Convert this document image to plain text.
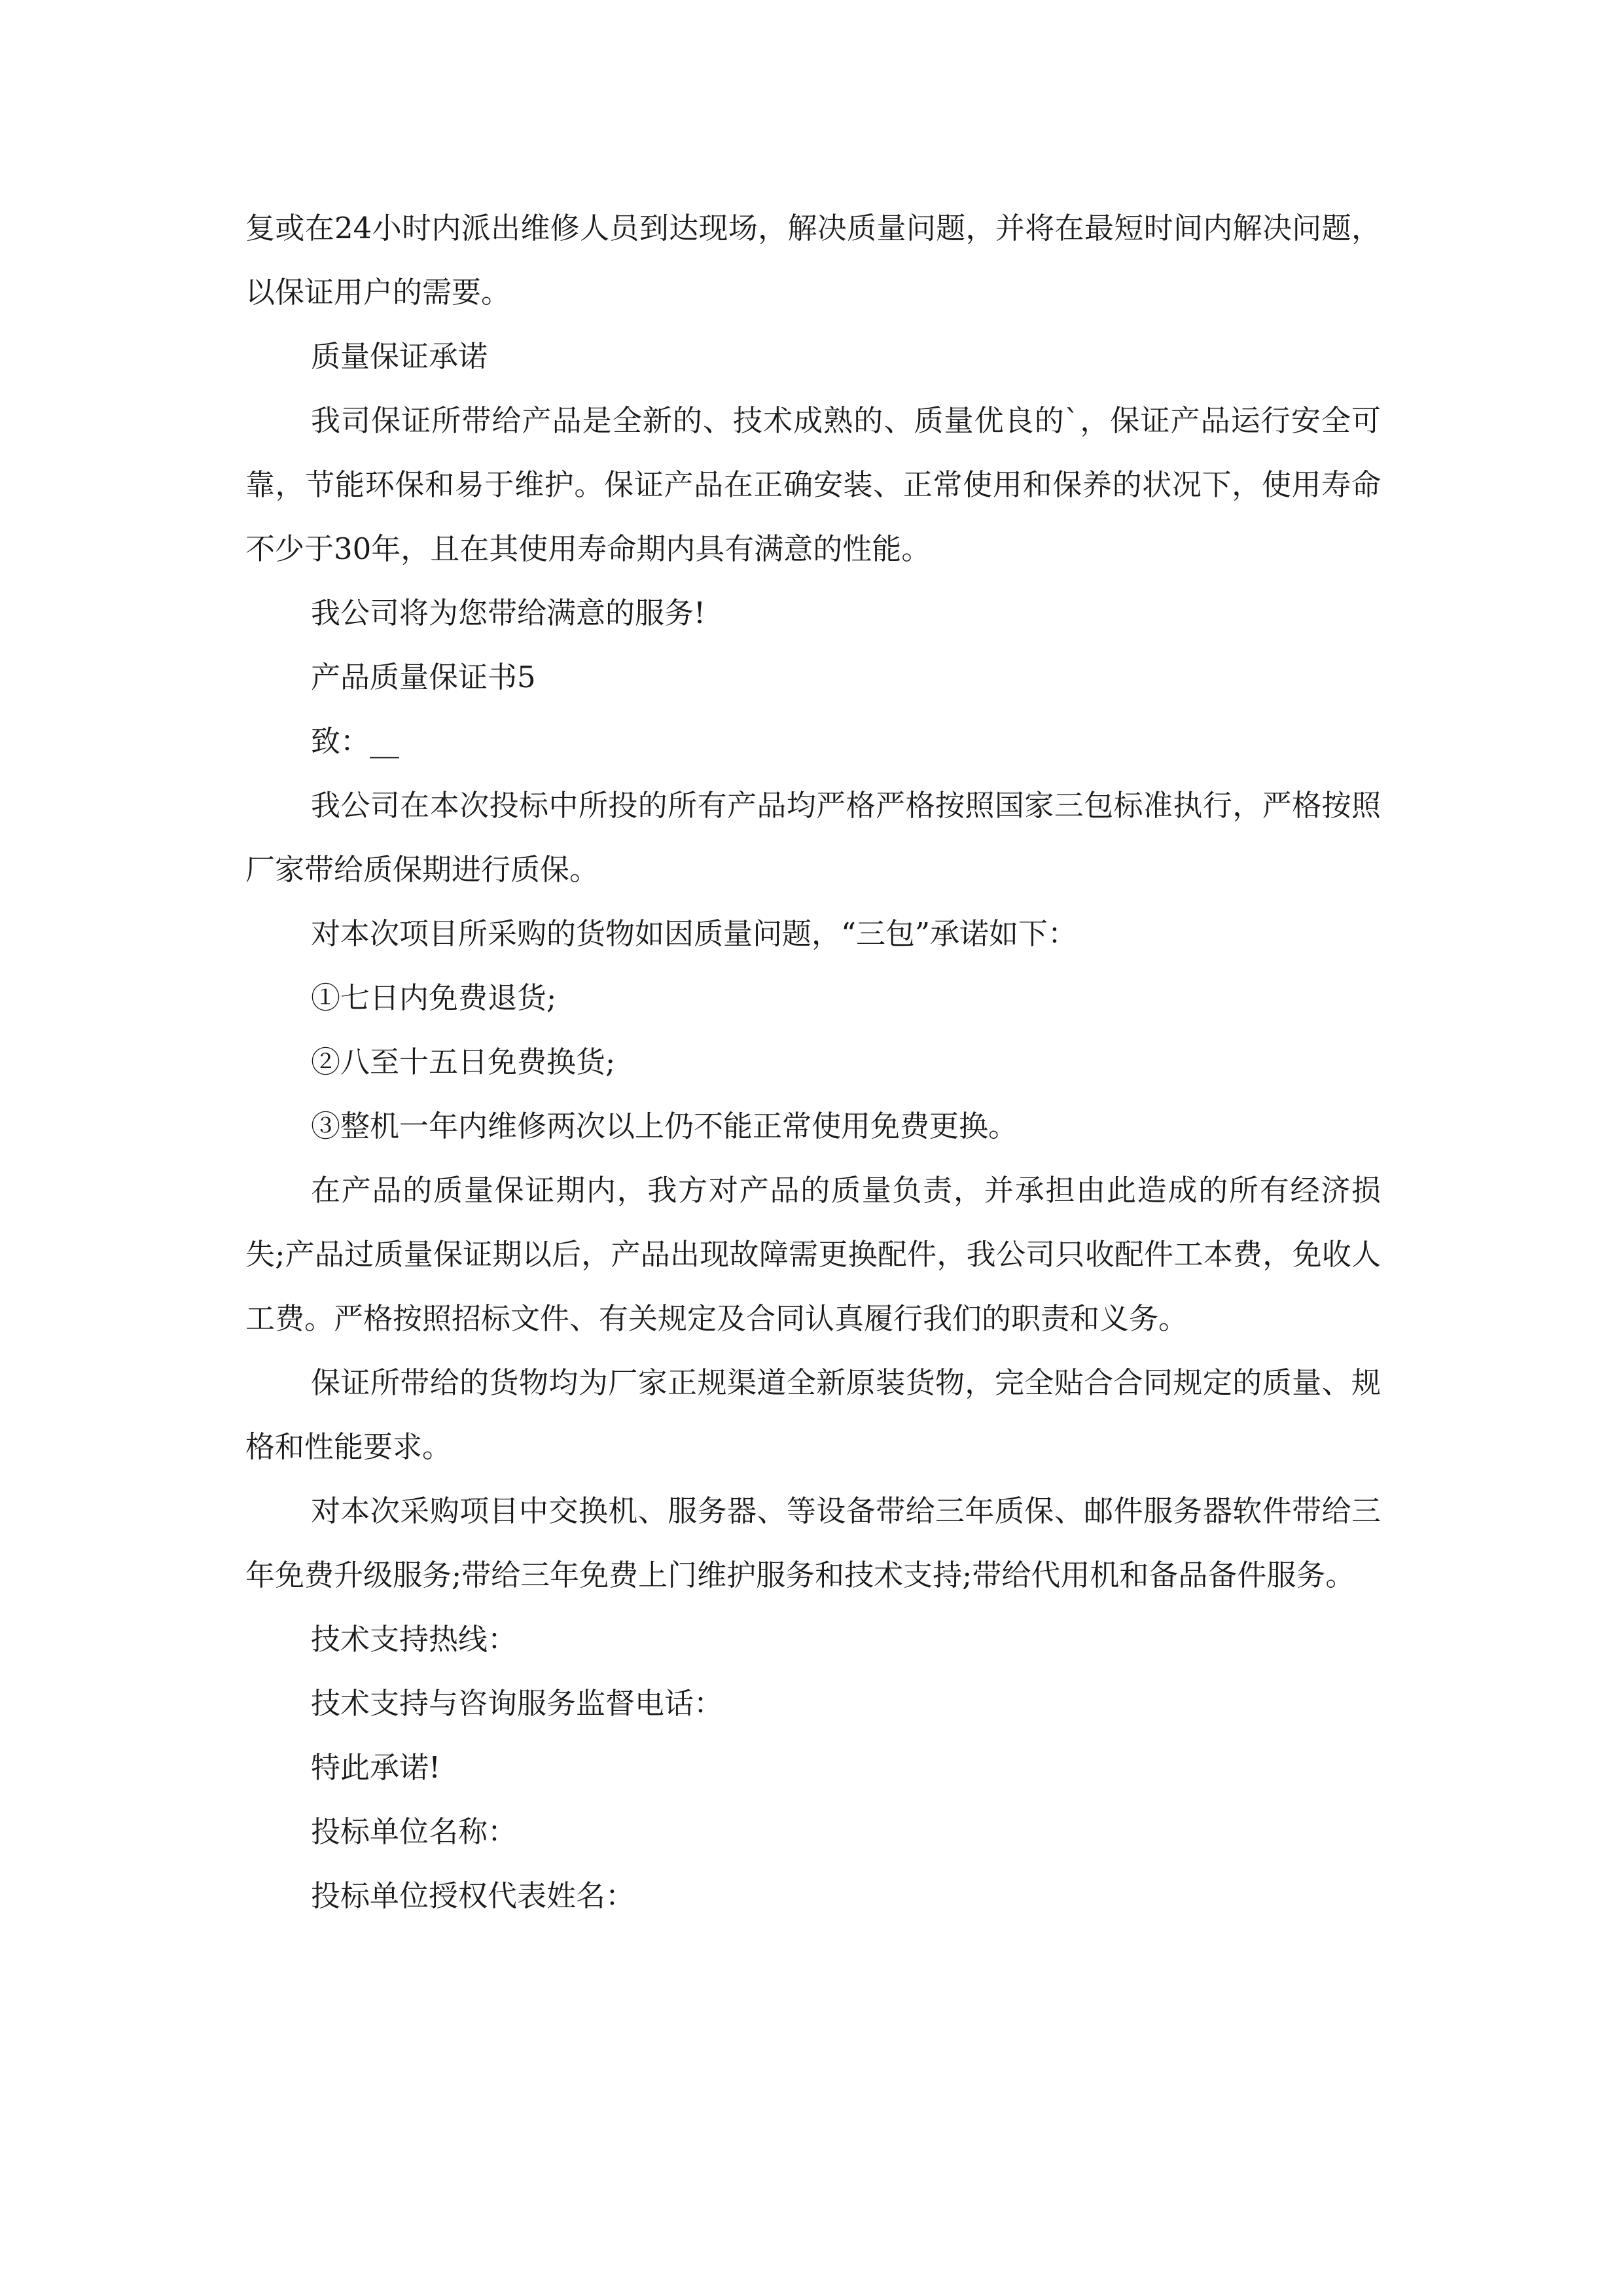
复或在24小时内派出维修人员到达现场，解决质量问题，并将在最短时间内解决问题，以保证用户的需要。

质量保证承诺

我司保证所带给产品是全新的、技术成熟的、质量优良的`，保证产品运行安全可靠，节能环保和易于维护。保证产品在正确安装、正常使用和保养的状况下，使用寿命不少于30年，且在其使用寿命期内具有满意的性能。

我公司将为您带给满意的服务!

产品质量保证书5

致：__

我公司在本次投标中所投的所有产品均严格严格按照国家三包标准执行，严格按照厂家带给质保期进行质保。

对本次项目所采购的货物如因质量问题，“三包”承诺如下：

①七日内免费退货;

②八至十五日免费换货;

③整机一年内维修两次以上仍不能正常使用免费更换。

在产品的质量保证期内，我方对产品的质量负责，并承担由此造成的所有经济损失;产品过质量保证期以后，产品出现故障需更换配件，我公司只收配件工本费，免收人工费。严格按照招标文件、有关规定及合同认真履行我们的职责和义务。

保证所带给的货物均为厂家正规渠道全新原装货物，完全贴合合同规定的质量、规格和性能要求。

对本次采购项目中交换机、服务器、等设备带给三年质保、邮件服务器软件带给三年免费升级服务;带给三年免费上门维护服务和技术支持;带给代用机和备品备件服务。

技术支持热线：

技术支持与咨询服务监督电话：

特此承诺!

投标单位名称：

投标单位授权代表姓名：
